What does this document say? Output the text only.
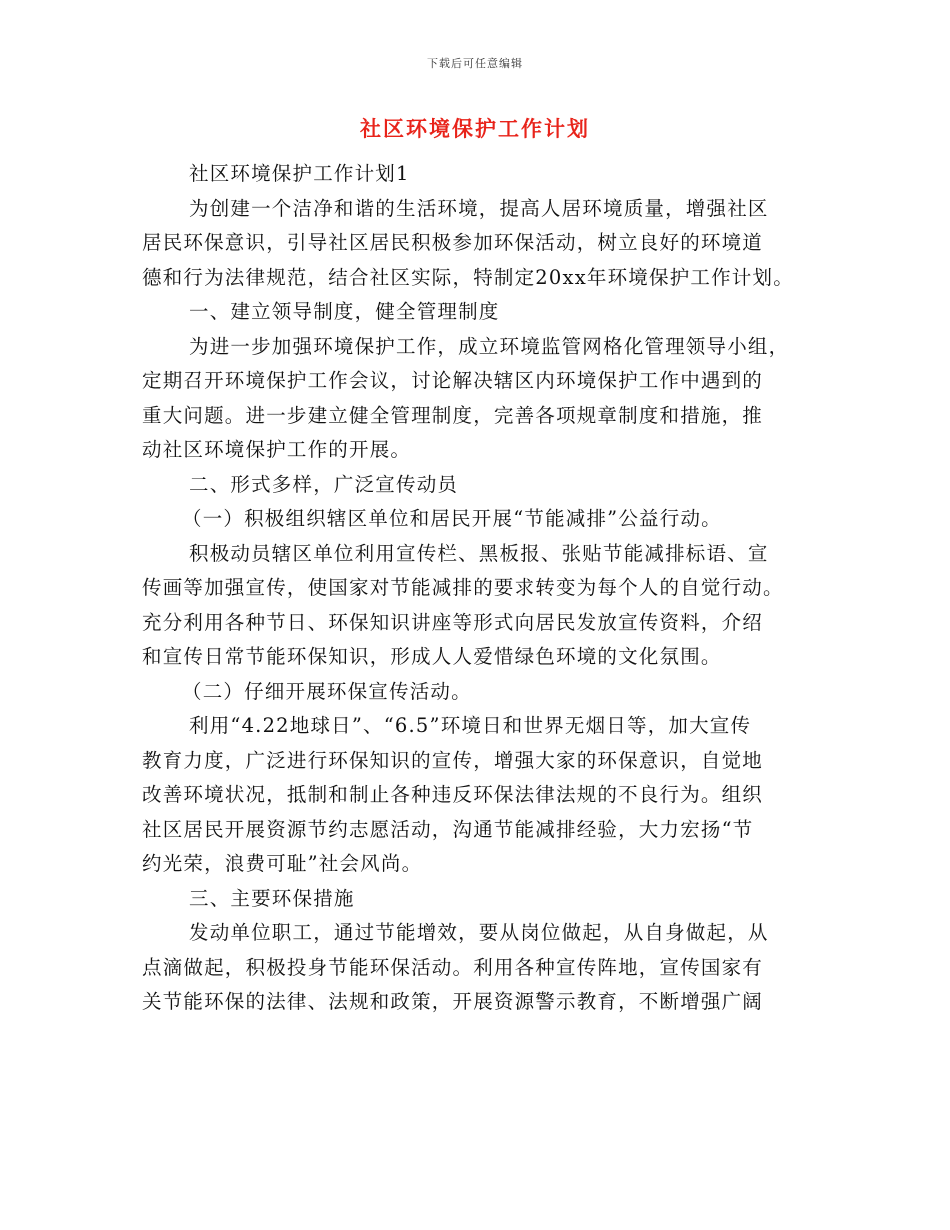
下载后可任意编辑
社区环境保护工作计划
社区环境保护工作计划1
为创建一个洁净和谐的生活环境，提高人居环境质量，增强社区
居民环保意识，引导社区居民积极参加环保活动，树立良好的环境道
德和行为法律规范，结合社区实际，特制定20xx年环境保护工作计划。
一、建立领导制度，健全管理制度
为进一步加强环境保护工作，成立环境监管网格化管理领导小组，
定期召开环境保护工作会议，讨论解决辖区内环境保护工作中遇到的
重大问题。进一步建立健全管理制度，完善各项规章制度和措施，推
动社区环境保护工作的开展。
二、形式多样，广泛宣传动员
（一）积极组织辖区单位和居民开展“节能减排”公益行动。
积极动员辖区单位利用宣传栏、黑板报、张贴节能减排标语、宣
传画等加强宣传，使国家对节能减排的要求转变为每个人的自觉行动。
充分利用各种节日、环保知识讲座等形式向居民发放宣传资料，介绍
和宣传日常节能环保知识，形成人人爱惜绿色环境的文化氛围。
（二）仔细开展环保宣传活动。
利用“4.22地球日”、“6.5”环境日和世界无烟日等，加大宣传
教育力度，广泛进行环保知识的宣传，增强大家的环保意识，自觉地
改善环境状况，抵制和制止各种违反环保法律法规的不良行为。组织
社区居民开展资源节约志愿活动，沟通节能减排经验，大力宏扬“节
约光荣，浪费可耻”社会风尚。
三、主要环保措施
发动单位职工，通过节能增效，要从岗位做起，从自身做起，从
点滴做起，积极投身节能环保活动。利用各种宣传阵地，宣传国家有
关节能环保的法律、法规和政策，开展资源警示教育，不断增强广阔
